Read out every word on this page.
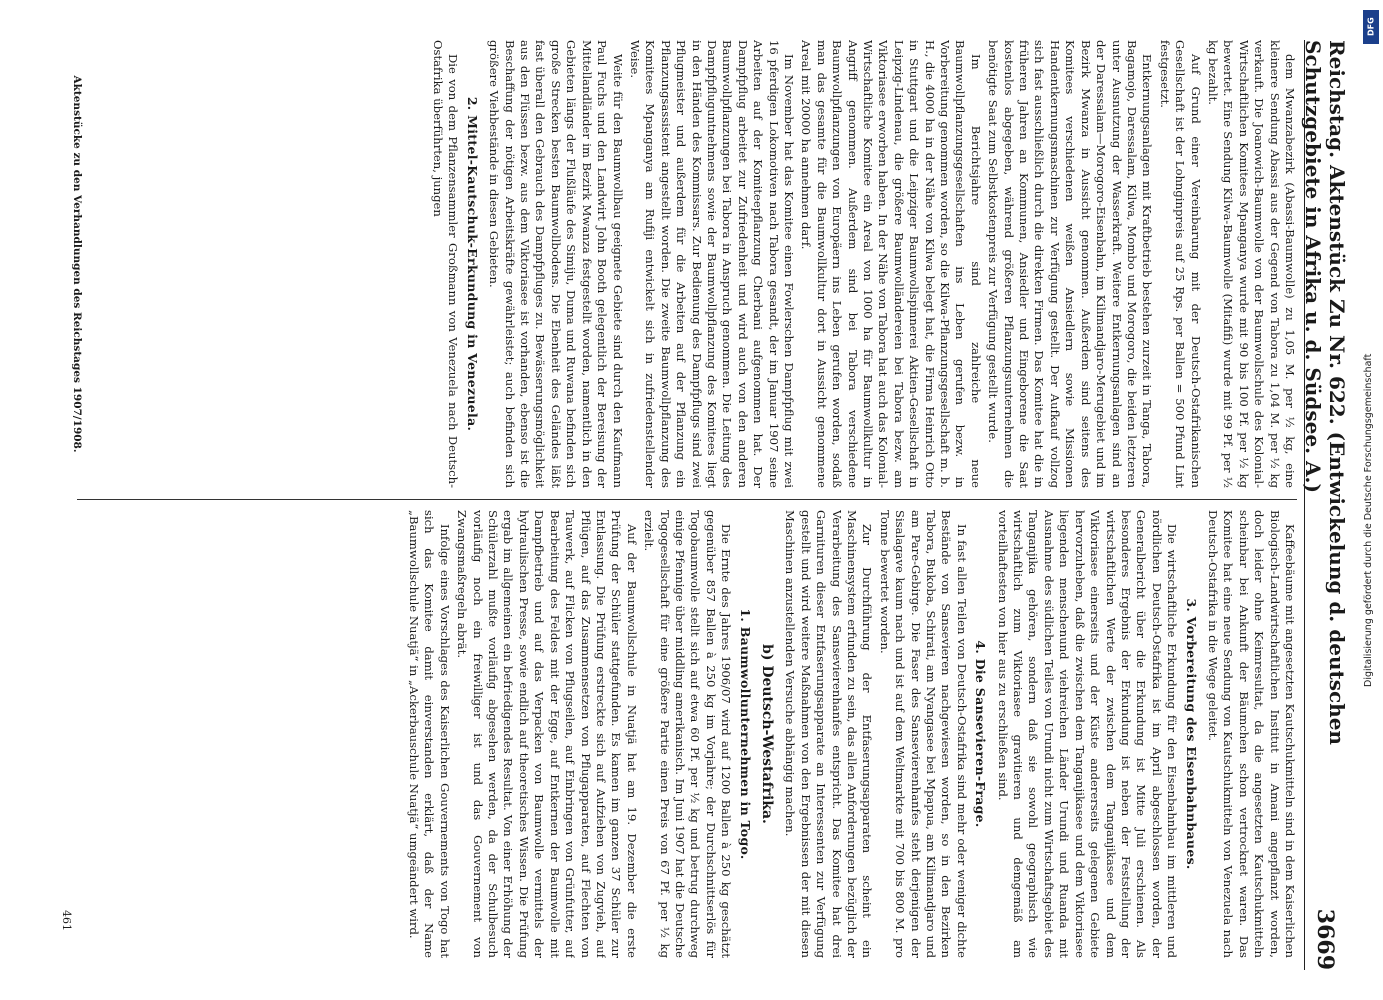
Reichstag. Aktenstück Zu Nr. 622. (Entwickelung d. deutschen Schutzgebiete in Afrika u. d. Südsee. A.)
3669

dem Mwanzabezirk (Abassi-Baumwolle) zu 1,05 M. per ½ kg, eine kleinere Sendung Abassi aus der Gegend von Tabora zu 1,04 M. per ½ kg verkauft. Die Joanowich-Baumwolle von der Baumwollschule des Kolonial-Wirtschaftlichen Komitees Mpanganya wurde mit 90 bis 100 Pf. per ½ kg bewertet. Eine Sendung Kilwa-Baumwolle (Mitafifi) wurde mit 99 Pf. per ½ kg bezahlt.

Auf Grund einer Vereinbarung mit der Deutsch-Ostafrikanischen Gesellschaft ist der Lohnginpreis auf 25 Rps. per Ballen = 500 Pfund Lint festgesetzt.

Entkernungsanlagen mit Kraftbetrieb bestehen zurzeit in Tanga, Tabora, Bagamojo, Daressalam, Kilwa, Mombo und Morogoro, die beiden letzteren unter Ausnutzung der Wasserkraft. Weitere Entkernungsanlagen sind an der Daressalam—Morogoro-Eisenbahn, im Kilimandjaro-Merugebiet und im Bezirk Mwanza in Aussicht genommen. Außerdem sind seitens des Komitees verschiedenen weißen Ansiedlern sowie Missionen Handentkernungsmaschinen zur Verfügung gestellt. Der Aufkauf vollzog sich fast ausschließlich durch die direkten Firmen. Das Komitee hat die in früheren Jahren an Kommunen, Ansiedler und Eingeborene die Saat kostenlos abgegeben, während größeren Pflanzungsunternehmen die benötigte Saat zum Selbstkostenpreis zur Verfügung gestellt wurde.

Im Berichtsjahre sind zahlreiche neue Baumwollpflanzungsgesellschaften ins Leben gerufen bezw. in Vorbereitung genommen worden, so die Kilwa-Pflanzungsgesellschaft m. b. H., die 4000 ha in der Nähe von Kilwa belegt hat, die Firma Heinrich Otto in Stuttgart und die Leipziger Baumwollspinnerei Aktien-Gesellschaft in Leipzig-Lindenau, die größere Baumwolländereien bei Tabora bezw. am Viktoriasee erworben haben. In der Nähe von Tabora hat auch das Kolonial-Wirtschaftliche Komitee ein Areal von 1000 ha für Baumwollkultur in Angriff genommen. Außerdem sind bei Tabora verschiedene Baumwollpflanzungen von Europäern ins Leben gerufen worden, sodaß man das gesamte für die Baumwollkultur dort in Aussicht genommene Areal mit 20000 ha annehmen darf.

Im November hat das Komitee einen Fowlerschen Dampfpflug mit zwei 16 pferdigen Lokomotiven nach Tabora gesandt, der im Januar 1907 seine Arbeiten auf der Komiteepflanzung Cherbani aufgenommen hat. Der Dampfpflug arbeitet zur Zufriedenheit und wird auch von den anderen Baumwollpflanzungen bei Tabora in Anspruch genommen. Die Leitung des Dampfpfluguntnehmens sowie der Baumwollpflanzung des Komitees liegt in den Händen des Kommissars. Zur Bedienung des Dampfpflugs sind zwei Pflugmeister und außerdem für die Arbeiten auf der Pflanzung ein Pflanzungsassistent angestellt worden. Die zweite Baumwollpflanzung des Komitees Mpanganya am Rufiji entwickelt sich in zufriedenstellender Weise.

Weite für den Baumwollbau geeignete Gebiete sind durch den Kaufmann Paul Fuchs und den Landwirt John Booth gelegentlich der Bereisung der Mittellandländer im Bezirk Mwanza festgestellt worden, namentlich in den Gebieten längs der Flußläufe des Simiju, Duma und Ruwana befinden sich große Strecken besten Baumwollbodens. Die Ebenheit des Geländes läßt fast überall den Gebrauch des Dampfpfluges zu. Bewässerungsmöglichkeit aus den Flüssen bezw. aus dem Viktoriasee ist vorhanden, ebenso ist die Beschaffung der nötigen Arbeitskräfte gewährleistet; auch befinden sich größere Viehbestände in diesen Gebieten.

2. Mittel-Kautschuk-Erkundung in Venezuela.

Die von dem Pflanzensammler Großmann von Venezuela nach Deutsch-Ostafrika überführten, jungen

Kaffeebäume mit angesetzten Kautschukmitteln sind in dem Kaiserlichen Biologisch-Landwirtschaftlichen Institut in Amani angepflanzt worden, doch leider ohne Keimresultat, da die angesetzten Kautschukmitteln scheinbar bei Ankunft der Bäumchen schon vertrocknet waren. Das Komitee hat eine neue Sendung von Kautschukmitteln von Venezuela nach Deutsch-Ostafrika in die Wege geleitet.

3. Vorbereitung des Eisenbahnbaues.

Die wirtschaftliche Erkundung für den Eisenbahnbau im mittleren und nördlichen Deutsch-Ostafrika ist im April abgeschlossen worden, der Generalbericht über die Erkundung ist Mitte Juli erschienen. Als besonderes Ergebnis der Erkundung ist neben der Feststellung der wirtschaftlichen Werte der zwischen dem Tanganjikasee und dem Viktoriasee einerseits und der Küste andererseits gelegenen Gebiete hervorzuheben, daß die zwischen dem Tanganjikasee und dem Viktoriasee liegenden menschenund viehreichen Länder Urundi und Ruanda mit Ausnahme des südlichen Teiles von Urundi nicht zum Wirtschaftsgebiet des Tanganjika gehören, sondern daß sie sowohl geographisch wie wirtschaftlich zum Viktoriasee gravitieren und demgemäß am vorteilhaftesten von hier aus zu erschließen sind.

4. Die Sansevieren-Frage.

In fast allen Teilen von Deutsch-Ostafrika sind mehr oder weniger dichte Bestände von Sansevieren nachgewiesen worden, so in den Bezirken Tabora, Bukoba, Schirati, am Nyangasee bei Mpapua, am Kilimandjaro und am Pare-Gebirge. Die Faser des Sansevierenhanfes steht derjenigen der Sisalagave kaum nach und ist auf dem Weltmarkte mit 700 bis 800 M. pro Tonne bewertet worden.

Zur Durchführung der Entfaserungsapparaten scheint ein Maschinensystem erfunden zu sein, das allen Anforderungen bezüglich der Verarbeitung des Sansevierenhanfes entspricht. Das Komitee hat drei Garnituren dieser Entfaserungsapparate an Interessenten zur Verfügung gestellt und wird weitere Maßnahmen von den Ergebnissen der mit diesen Maschinen anzustellenden Versuche abhängig machen.

b) Deutsch-Westafrika.
1. Baumwollunternehmen in Togo.

Die Ernte des Jahres 1906/07 wird auf 1200 Ballen à 250 kg geschätzt gegenüber 857 Ballen à 250 kg im Vorjahre; der Durchschnittserlös für Togobaumwolle stellt sich auf etwa 60 Pf. per ½ kg und betrug durchweg einige Pfennige über middling amerikanisch. Im Juni 1907 hat die Deutsche Togogesellschaft für eine größere Partie einen Preis von 67 Pf. per ½ kg erzielt.

Auf der Baumwollschule in Nuatjä hat am 19. Dezember die erste Prüfung der Schüler stattgefunden. Es kamen im ganzen 37 Schüler zur Entlassung. Die Prüfung erstreckte sich auf Aufziehen von Zugvieh, auf Pflügen, auf das Zusammensetzen von Pflugapparaten, auf Flechten von Tauwerk, auf Flicken von Pflugseilen, auf Einbringen von Grünfutter, auf Bearbeitung des Feldes mit der Egge, auf Entkernen der Baumwolle mit Dampfbetrieb und auf das Verpacken von Baumwolle vermittels der hydraulischen Presse, sowie endlich auf theoretisches Wissen. Die Prüfung ergab im allgemeinen ein befriedigendes Resultat. Von einer Erhöhung der Schülerzahl mußte vorläufig abgesehen werden, da der Schulbesuch vorläufig noch ein freiwilliger ist und das Gouvernement von Zwangsmaßregeln abrät.

Infolge eines Vorschlages des Kaiserlichen Gouvernements von Togo hat sich das Komitee damit einverstanden erklärt, daß der Name „Baumwollschule Nuatjä“ in „Ackerbauschule Nuatjä“ umgeändert wird.

Aktenstücke zu den Verhandlungen des Reichstages 1907/1908.
461
DFG
Digitalisierung gefördert durch die Deutsche Forschungsgemeinschaft
